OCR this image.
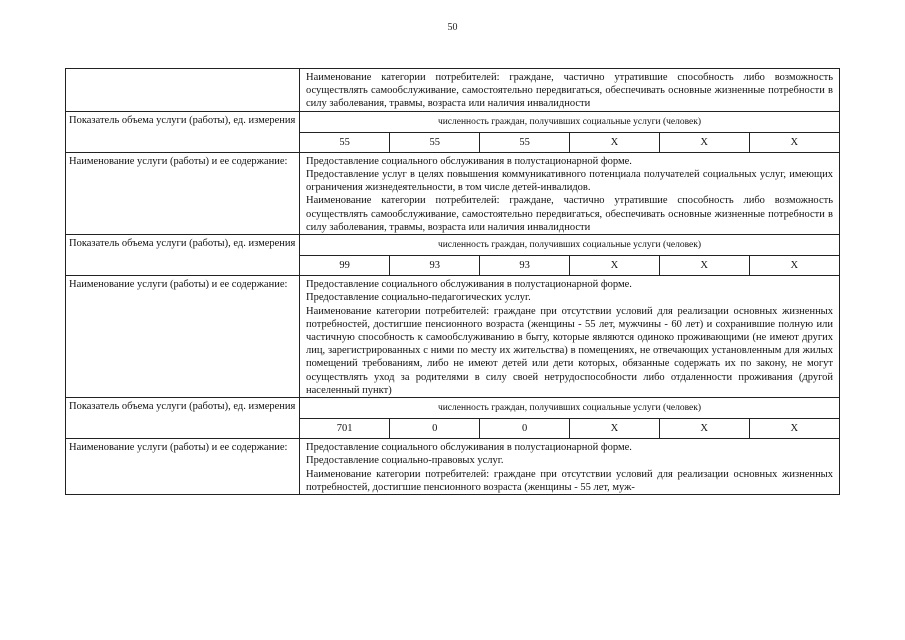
50

Наименование категории потребителей: граждане, частично утратившие способность либо возможность осуществлять самообслуживание, самостоятельно передвигаться, обеспечивать основные жизненные потребности в силу заболевания, травмы, возраста или наличия инвалидности

Показатель объема услуги (работы), ед. измерения	численность граждан, получивших социальные услуги (человек)
55	55	55	X	X	X

Наименование услуги (работы) и ее содержание:	Предоставление социального обслуживания в полустационарной форме.

Предоставление услуг в целях повышения коммуникативного потенциала получателей социальных услуг, имеющих ограничения жизнедеятельности, в том числе детей-инвалидов.

Наименование категории потребителей: граждане, частично утратившие способность либо возможность осуществлять самообслуживание, самостоятельно передвигаться, обеспечивать основные жизненные потребности в силу заболевания, травмы, возраста или наличия инвалидности

Показатель объема услуги (работы), ед. измерения	численность граждан, получивших социальные услуги (человек)
99	93	93	X	X	X

Наименование услуги (работы) и ее содержание:	Предоставление социального обслуживания в полустационарной форме.

Предоставление социально-педагогических услуг.

Наименование категории потребителей: граждане при отсутствии условий для реализации основных жизненных потребностей, достигшие пенсионного возраста (женщины - 55 лет, мужчины - 60 лет) и сохранившие полную или частичную способность к самообслуживанию в быту, которые являются одиноко проживающими (не имеют других лиц, зарегистрированных с ними по месту их жительства) в помещениях, не отвечающих установленным для жилых помещений требованиям, либо не имеют детей или дети которых, обязанные содержать их по закону, не могут осуществлять уход за родителями в силу своей нетрудоспособности либо отдаленности проживания (другой населенный пункт)

Показатель объема услуги (работы), ед. измерения	численность граждан, получивших социальные услуги (человек)
701	0	0	X	X	X

Наименование услуги (работы) и ее содержание:	Предоставление социального обслуживания в полустационарной форме.

Предоставление социально-правовых услуг.

Наименование категории потребителей: граждане при отсутствии условий для реализации основных жизненных потребностей, достигшие пенсионного возраста (женщины - 55 лет, муж-
